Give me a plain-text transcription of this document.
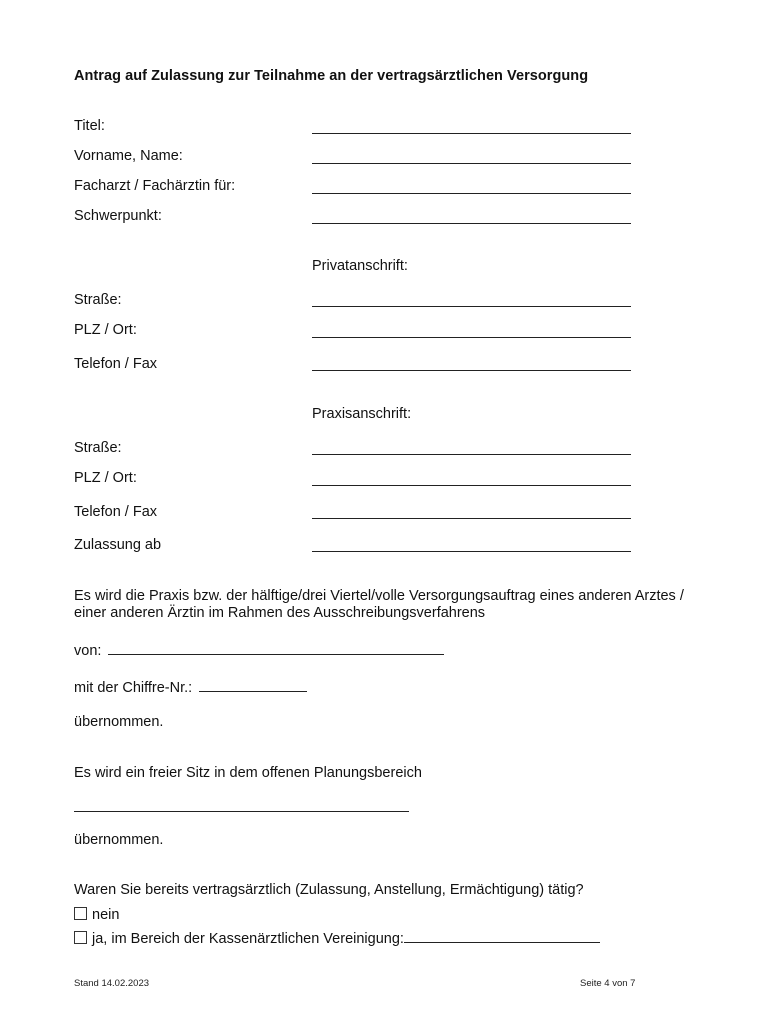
Antrag auf Zulassung zur Teilnahme an der vertragsärztlichen Versorgung
Titel:
Vorname, Name:
Facharzt / Fachärztin für:
Schwerpunkt:
Privatanschrift:
Straße:
PLZ / Ort:
Telefon / Fax
Praxisanschrift:
Straße:
PLZ / Ort:
Telefon / Fax
Zulassung ab
Es wird die Praxis bzw. der hälftige/drei Viertel/volle Versorgungsauftrag eines anderen Arztes / einer anderen Ärztin im Rahmen des Ausschreibungsverfahrens
von:
mit der Chiffre-Nr.:
übernommen.
Es wird ein freier Sitz in dem offenen Planungsbereich
übernommen.
Waren Sie bereits vertragsärztlich (Zulassung, Anstellung, Ermächtigung) tätig?
nein
ja, im Bereich der Kassenärztlichen Vereinigung:
Stand 14.02.2023	Seite 4 von 7
